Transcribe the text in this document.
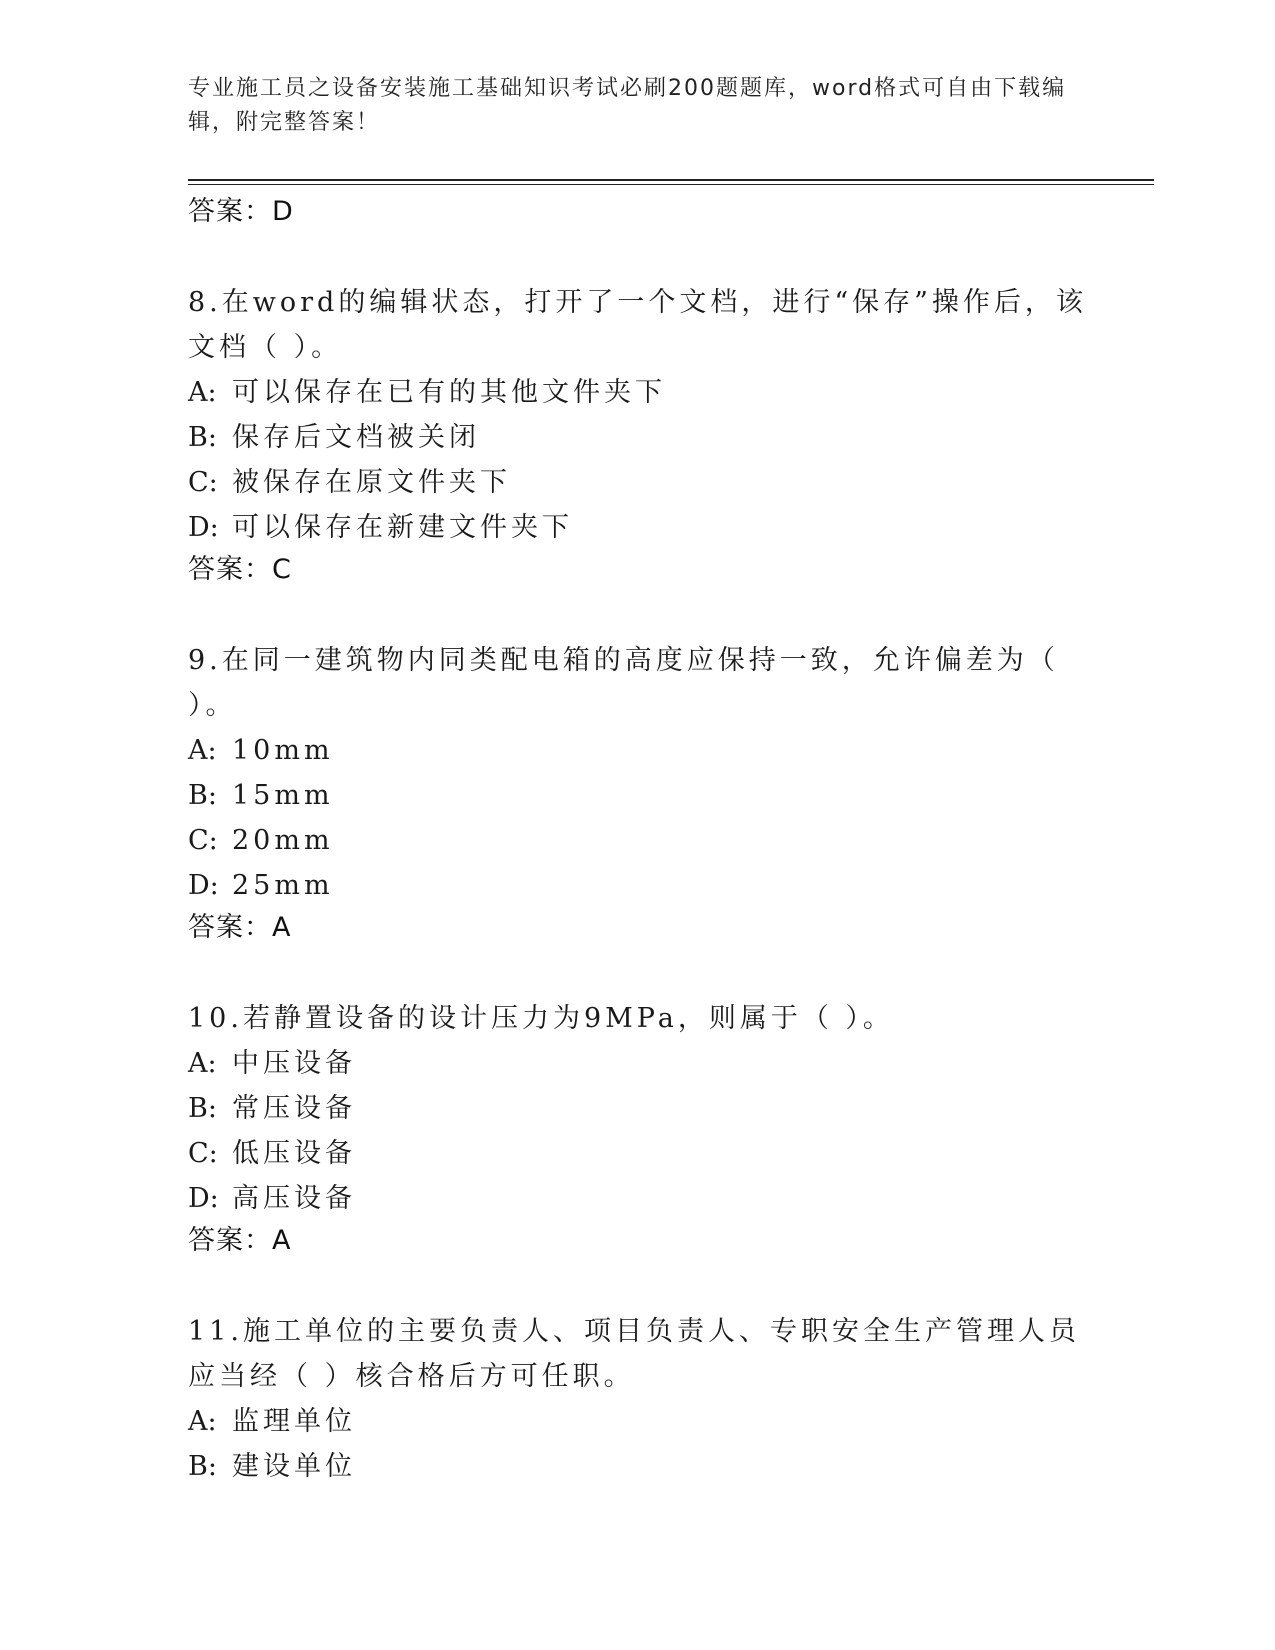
专业施工员之设备安装施工基础知识考试必刷200题题库，word格式可自由下载编辑，附完整答案！
答案：D
8.在word的编辑状态，打开了一个文档，进行“保存”操作后，该文档（ ）。
A: 可以保存在已有的其他文件夹下
B: 保存后文档被关闭
C: 被保存在原文件夹下
D: 可以保存在新建文件夹下
答案：C
9.在同一建筑物内同类配电箱的高度应保持一致，允许偏差为（ ）。
A: 10mm
B: 15mm
C: 20mm
D: 25mm
答案：A
10.若静置设备的设计压力为9MPa，则属于（ ）。
A: 中压设备
B: 常压设备
C: 低压设备
D: 高压设备
答案：A
11.施工单位的主要负责人、项目负责人、专职安全生产管理人员应当经（ ）核合格后方可任职。
A: 监理单位
B: 建设单位
